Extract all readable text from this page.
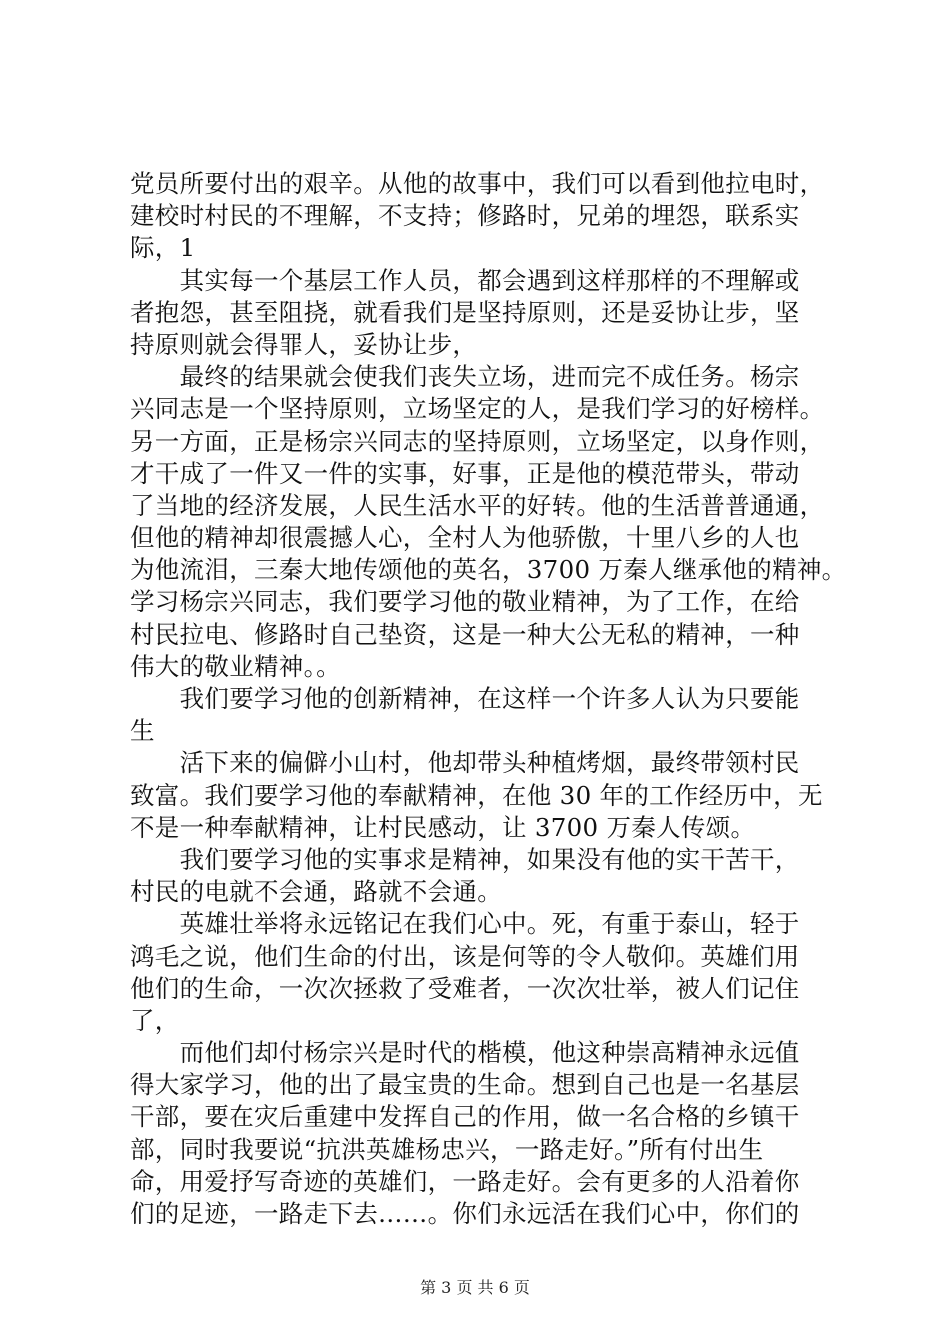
党员所要付出的艰辛。从他的故事中，我们可以看到他拉电时，
建校时村民的不理解，不支持；修路时，兄弟的埋怨，联系实
际，1
　　其实每一个基层工作人员，都会遇到这样那样的不理解或
者抱怨，甚至阻挠，就看我们是坚持原则，还是妥协让步，坚
持原则就会得罪人，妥协让步，
　　最终的结果就会使我们丧失立场，进而完不成任务。杨宗
兴同志是一个坚持原则，立场坚定的人，是我们学习的好榜样。
另一方面，正是杨宗兴同志的坚持原则，立场坚定，以身作则，
才干成了一件又一件的实事，好事，正是他的模范带头，带动
了当地的经济发展，人民生活水平的好转。他的生活普普通通，
但他的精神却很震撼人心，全村人为他骄傲，十里八乡的人也
为他流泪，三秦大地传颂他的英名，3700 万秦人继承他的精神。
学习杨宗兴同志，我们要学习他的敬业精神，为了工作，在给
村民拉电、修路时自己垫资，这是一种大公无私的精神，一种
伟大的敬业精神。。
　　我们要学习他的创新精神，在这样一个许多人认为只要能
生
　　活下来的偏僻小山村，他却带头种植烤烟，最终带领村民
致富。我们要学习他的奉献精神，在他 30 年的工作经历中，无
不是一种奉献精神，让村民感动，让 3700 万秦人传颂。
　　我们要学习他的实事求是精神，如果没有他的实干苦干，
村民的电就不会通，路就不会通。
　　英雄壮举将永远铭记在我们心中。死，有重于泰山，轻于
鸿毛之说，他们生命的付出，该是何等的令人敬仰。英雄们用
他们的生命，一次次拯救了受难者，一次次壮举，被人们记住
了，
　　而他们却付杨宗兴是时代的楷模，他这种崇高精神永远值
得大家学习，他的出了最宝贵的生命。想到自己也是一名基层
干部，要在灾后重建中发挥自己的作用，做一名合格的乡镇干
部，同时我要说“抗洪英雄杨忠兴，一路走好。”所有付出生
命，用爱抒写奇迹的英雄们，一路走好。会有更多的人沿着你
们的足迹，一路走下去……。你们永远活在我们心中，你们的
第 3 页 共 6 页
